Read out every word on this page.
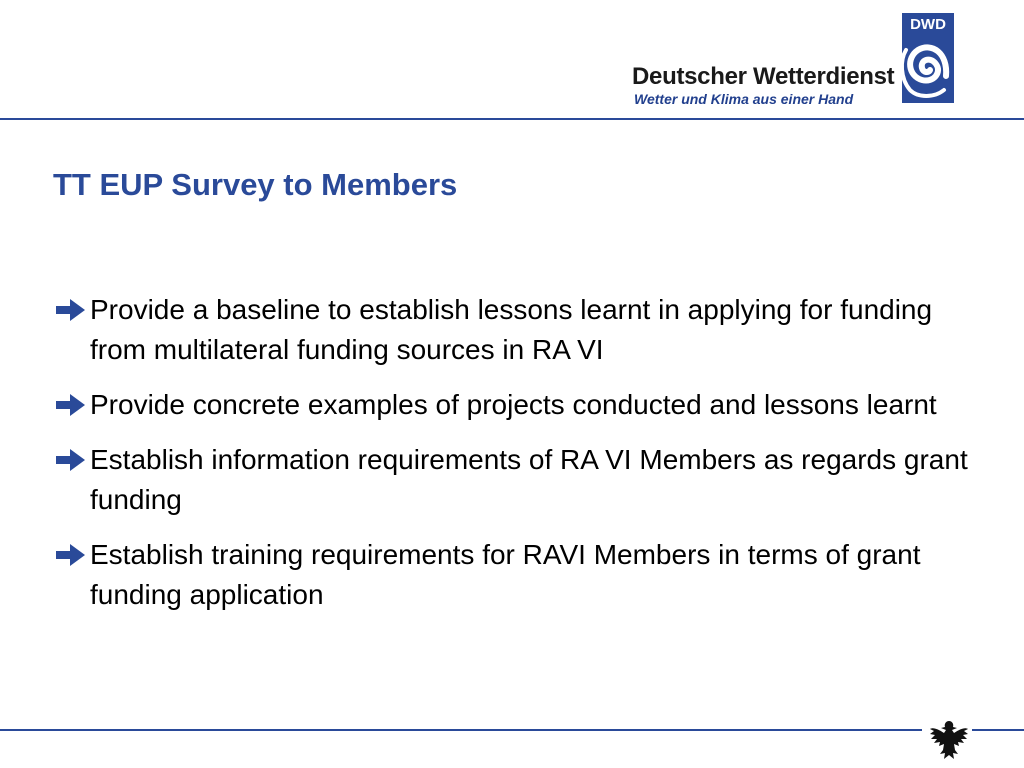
Deutscher Wetterdienst
Wetter und Klima aus einer Hand
DWD
TT EUP Survey to Members
Provide a baseline to establish lessons learnt in applying for funding from multilateral funding sources in RA VI
Provide concrete examples of projects conducted and lessons learnt
Establish information requirements of RA VI Members as regards grant funding
Establish training requirements for RAVI Members in terms of grant funding application
